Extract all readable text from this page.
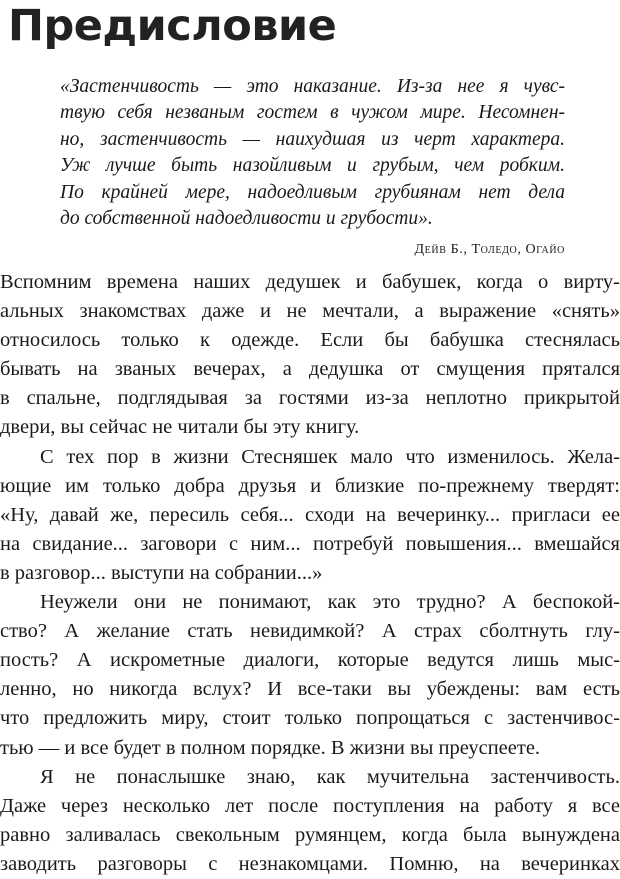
Предисловие
«Застенчивость — это наказание. Из-за нее я чувс-
твую себя незваным гостем в чужом мире. Несомнен-
но, застенчивость — наихудшая из черт характера.
Уж лучше быть назойливым и грубым, чем робким.
По крайней мере, надоедливым грубиянам нет дела
до собственной надоедливости и грубости».
Дейв Б., Толедо, Огайо
Вспомним времена наших дедушек и бабушек, когда о вирту-
альных знакомствах даже и не мечтали, а выражение «снять»
относилось только к одежде. Если бы бабушка стеснялась
бывать на званых вечерах, а дедушка от смущения прятался
в спальне, подглядывая за гостями из-за неплотно прикрытой
двери, вы сейчас не читали бы эту книгу.
С тех пор в жизни Стесняшек мало что изменилось. Жела-
ющие им только добра друзья и близкие по-прежнему твердят:
«Ну, давай же, пересиль себя... сходи на вечеринку... пригласи ее
на свидание... заговори с ним... потребуй повышения... вмешайся
в разговор... выступи на собрании...»
Неужели они не понимают, как это трудно? А беспокой-
ство? А желание стать невидимкой? А страх сболтнуть глу-
пость? А искрометные диалоги, которые ведутся лишь мыс-
ленно, но никогда вслух? И все-таки вы убеждены: вам есть
что предложить миру, стоит только попрощаться с застенчивос-
тью — и все будет в полном порядке. В жизни вы преуспеете.
Я не понаслышке знаю, как мучительна застенчивость.
Даже через несколько лет после поступления на работу я все
равно заливалась свекольным румянцем, когда была вынуждена
заводить разговоры с незнакомцами. Помню, на вечеринках
